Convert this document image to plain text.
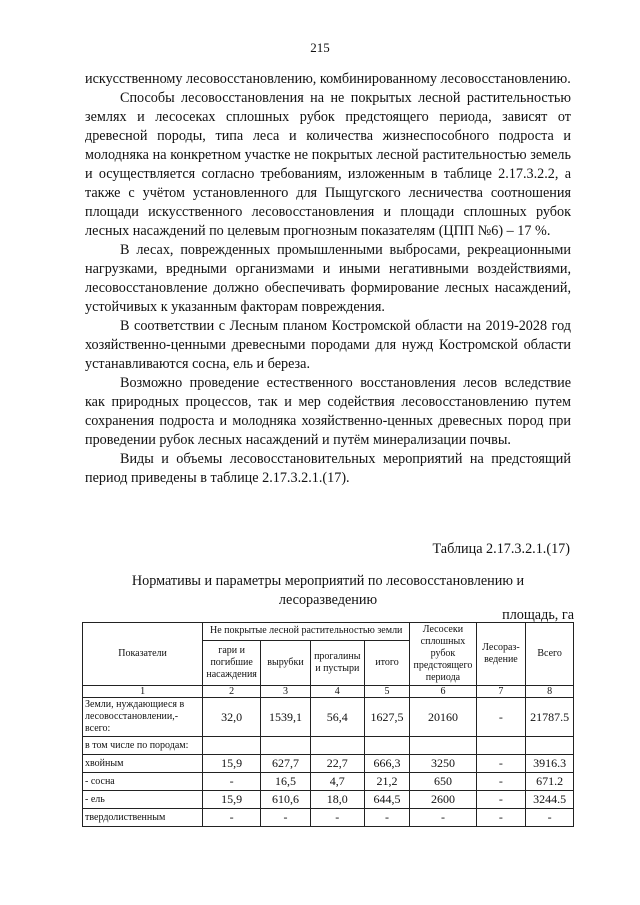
215

искусственному лесовосстановлению, комбинированному лесовосстановлению.

Способы лесовосстановления на не покрытых лесной растительностью землях и лесосеках сплошных рубок предстоящего периода, зависят от древесной породы, типа леса и количества жизнеспособного подроста и молодняка на конкретном участке не покрытых лесной растительностью земель и осуществляется согласно требованиям, изложенным в таблице 2.17.3.2.2, а также с учётом установленного для Пыщугского лесничества соотношения площади искусственного лесовосстановления и площади сплошных рубок лесных насаждений по целевым прогнозным показателям (ЦПП №6) – 17 %.

В лесах, поврежденных промышленными выбросами, рекреационными нагрузками, вредными организмами и иными негативными воздействиями, лесовосстановление должно обеспечивать формирование лесных насаждений, устойчивых к указанным факторам повреждения.

В соответствии с Лесным планом Костромской области на 2019-2028 год хозяйственно-ценными древесными породами для нужд Костромской области устанавливаются сосна, ель и береза.

Возможно проведение естественного восстановления лесов вследствие как природных процессов, так и мер содействия лесовосстановлению путем сохранения подроста и молодняка хозяйственно-ценных древесных пород при проведении рубок лесных насаждений и путём минерализации почвы.

Виды и объемы лесовосстановительных мероприятий на предстоящий период приведены в таблице 2.17.3.2.1.(17).

Таблица 2.17.3.2.1.(17)
Нормативы и параметры мероприятий по лесовосстановлению и лесоразведению
площадь, га
Показатели	Не покрытые лесной растительностью земли				Лесосеки сплошных рубок предстоящего периода	Лесораз-ведение	Всего
	гари и погибшие насаждения	вырубки	прогалины и пустыри	итого			
1	2	3	4	5	6	7	8
Земли, нуждающиеся в лесовосстановлении,- всего:	32,0	1539,1	56,4	1627,5	20160	-	21787.5
в том числе по породам:							
хвойным	15,9	627,7	22,7	666,3	3250	-	3916.3
- сосна	-	16,5	4,7	21,2	650	-	671.2
- ель	15,9	610,6	18,0	644,5	2600	-	3244.5
твердолиственным	-	-	-	-	-	-	-
